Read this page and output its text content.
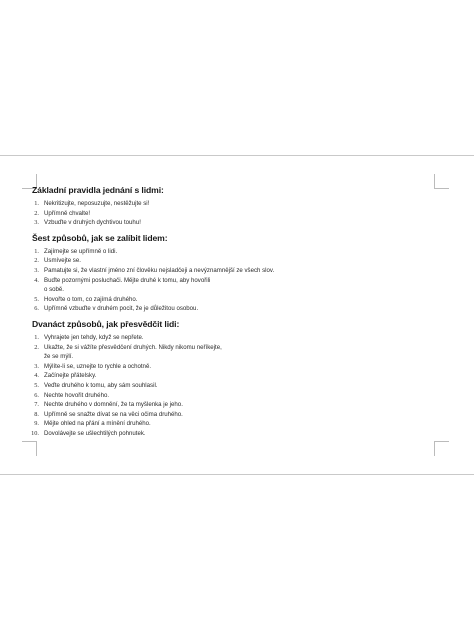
Základní pravidla jednání s lidmi:
1. Nekritizujte, neposuzujte, nestěžujte si!
2. Upřímně chvalte!
3. Vzbuďte v druhých dychtivou touhu!
Šest způsobů, jak se zalíbit lidem:
1. Zajímejte se upřímně o lidi.
2. Usmívejte se.
3. Pamatujte si, že vlastní jméno zní člověku nejsladčeji a nevýznamnější ze všech slov.
4. Buďte pozornými posluchači. Mějte druhé k tomu, aby hovořili
o sobě.
5. Hovořte o tom, co zajímá druhého.
6. Upřímně vzbuďte v druhém pocit, že je důležitou osobou.
Dvanáct způsobů, jak přesvědčit lidi:
1. Vyhrajete jen tehdy, když se nepřete.
2. Ukažte, že si vážíte přesvědčení druhých. Nikdy nikomu neříkejte,
že se mýlí.
3. Mýlíte-li se, uznejte to rychle a ochotně.
4. Začínejte přátelsky.
5. Veďte druhého k tomu, aby sám souhlasil.
6. Nechte hovořit druhého.
7. Nechte druhého v domnění, že ta myšlenka je jeho.
8. Upřímně se snažte dívat se na věci očima druhého.
9. Mějte ohled na přání a mínění druhého.
10. Dovolávejte se ušlechtilých pohnutek.
